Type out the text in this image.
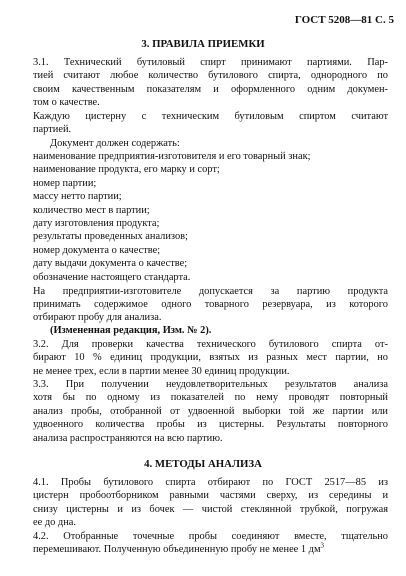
ГОСТ 5208—81 С. 5
3. ПРАВИЛА ПРИЕМКИ
3.1. Технический бутиловый спирт принимают партиями. Пар-
тией считают любое количество бутилового спирта, однородного по
своим качественным показателям и оформленного одним докумен-
том о качестве.
Каждую цистерну с техническим бутиловым спиртом считают
партией.
Документ должен содержать:
наименование предприятия-изготовителя и его товарный знак;
наименование продукта, его марку и сорт;
номер партии;
массу нетто партии;
количество мест в партии;
дату изготовления продукта;
результаты проведенных анализов;
номер документа о качестве;
дату выдачи документа о качестве;
обозначение настоящего стандарта.
На предприятии-изготовителе допускается за партию продукта
принимать содержимое одного товарного резервуара, из которого
отбирают пробу для анализа.
(Измененная редакция, Изм. № 2).
3.2. Для проверки качества технического бутилового спирта от-
бирают 10 % единиц продукции, взятых из разных мест партии, но
не менее трех, если в партии менее 30 единиц продукции.
3.3. При получении неудовлетворительных результатов анализа
хотя бы по одному из показателей по нему проводят повторный
анализ пробы, отобранной от удвоенной выборки той же партии или
удвоенного количества пробы из цистерны. Результаты повторного
анализа распространяются на всю партию.
4. МЕТОДЫ АНАЛИЗА
4.1. Пробы бутилового спирта отбирают по ГОСТ 2517—85 из
цистерн пробоотборником равными частями сверху, из середины и
снизу цистерны и из бочек — чистой стеклянной трубкой, погружая
ее до дна.
4.2. Отобранные точечные пробы соединяют вместе, тщательно
перемешивают. Полученную объединенную пробу не менее 1 $дм^3$
